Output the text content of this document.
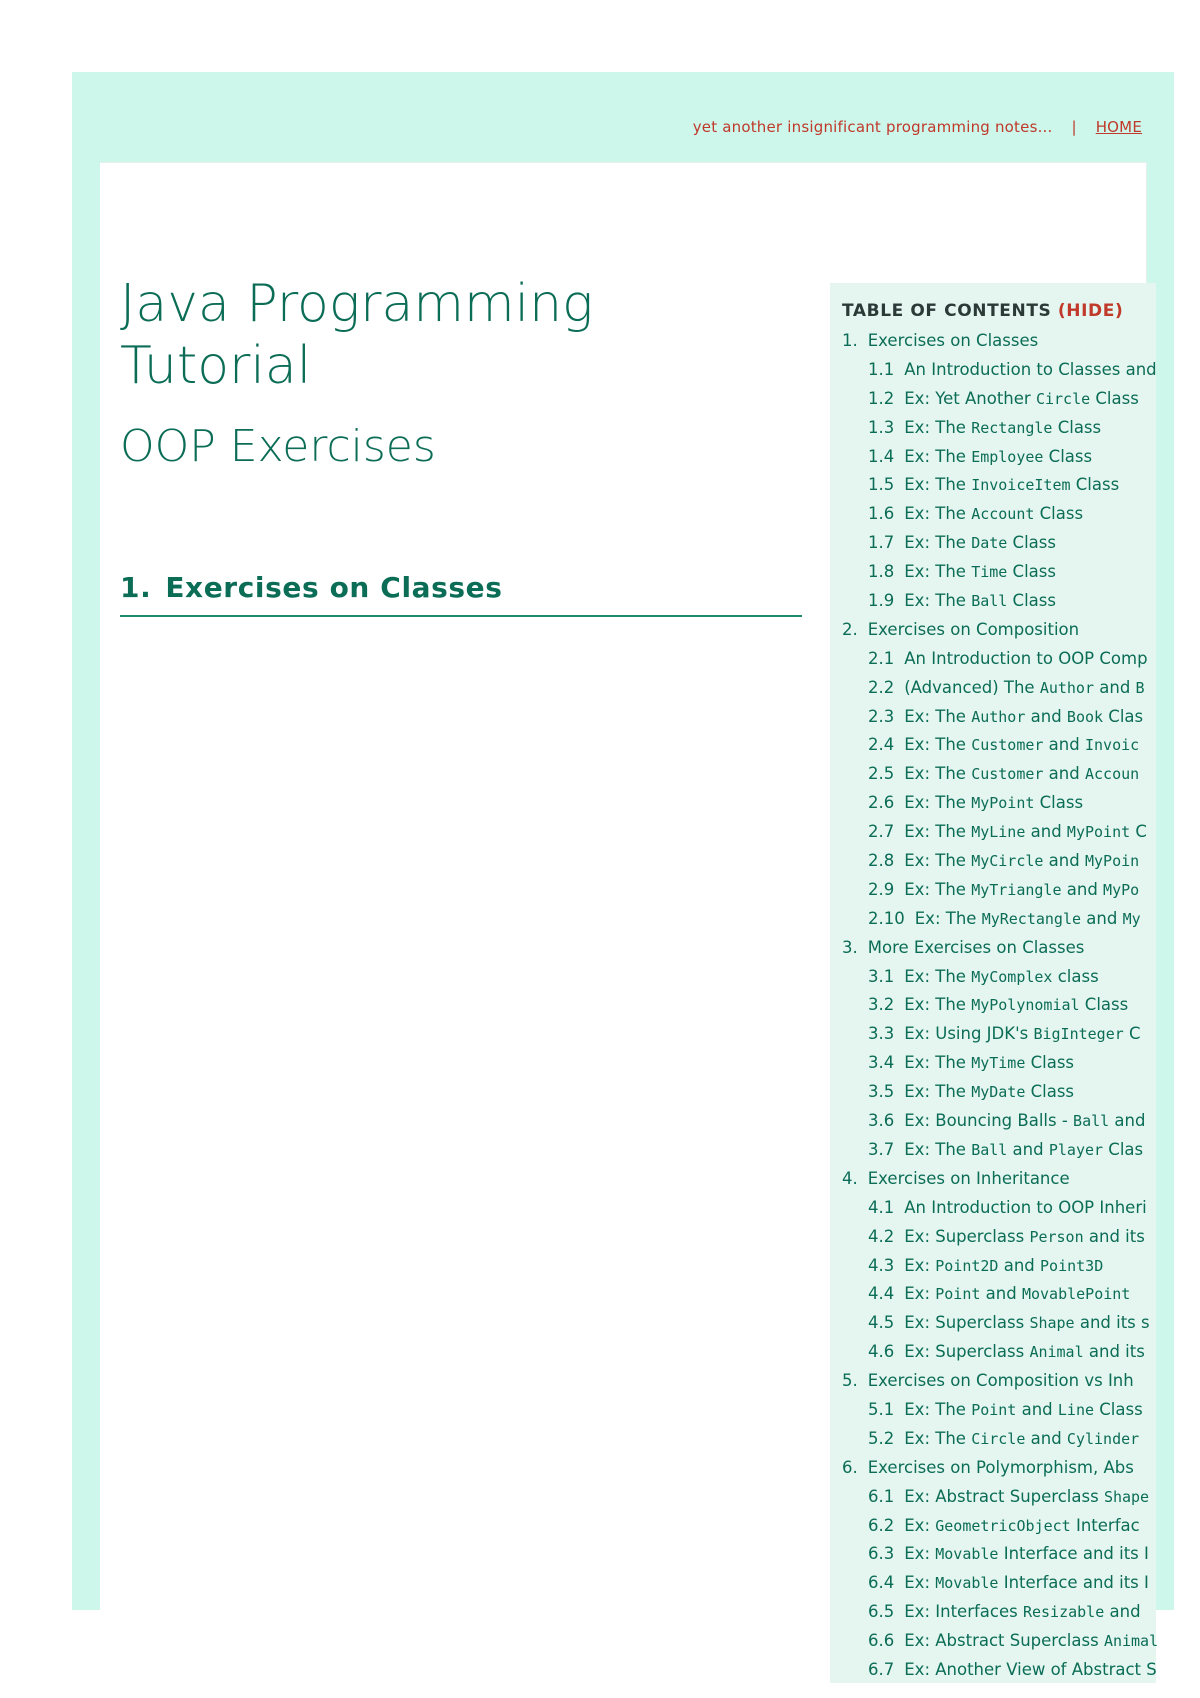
yet another insignificant programming notes... | HOME
Java Programming Tutorial
OOP Exercises
1. Exercises on Classes
TABLE OF CONTENTS (HIDE)
1. Exercises on Classes
1.1 An Introduction to Classes and
1.2 Ex: Yet Another Circle Class
1.3 Ex: The Rectangle Class
1.4 Ex: The Employee Class
1.5 Ex: The InvoiceItem Class
1.6 Ex: The Account Class
1.7 Ex: The Date Class
1.8 Ex: The Time Class
1.9 Ex: The Ball Class
2. Exercises on Composition
2.1 An Introduction to OOP Comp
2.2 (Advanced) The Author and B
2.3 Ex: The Author and Book Clas
2.4 Ex: The Customer and Invoic
2.5 Ex: The Customer and Accoun
2.6 Ex: The MyPoint Class
2.7 Ex: The MyLine and MyPoint C
2.8 Ex: The MyCircle and MyPoin
2.9 Ex: The MyTriangle and MyPo
2.10 Ex: The MyRectangle and My
3. More Exercises on Classes
3.1 Ex: The MyComplex class
3.2 Ex: The MyPolynomial Class
3.3 Ex: Using JDK's BigInteger C
3.4 Ex: The MyTime Class
3.5 Ex: The MyDate Class
3.6 Ex: Bouncing Balls - Ball and
3.7 Ex: The Ball and Player Clas
4. Exercises on Inheritance
4.1 An Introduction to OOP Inheri
4.2 Ex: Superclass Person and its
4.3 Ex: Point2D and Point3D
4.4 Ex: Point and MovablePoint
4.5 Ex: Superclass Shape and its s
4.6 Ex: Superclass Animal and its
5. Exercises on Composition vs Inh
5.1 Ex: The Point and Line Class
5.2 Ex: The Circle and Cylinder
6. Exercises on Polymorphism, Abs
6.1 Ex: Abstract Superclass Shape
6.2 Ex: GeometricObject Interfac
6.3 Ex: Movable Interface and its I
6.4 Ex: Movable Interface and its I
6.5 Ex: Interfaces Resizable and
6.6 Ex: Abstract Superclass Animal
6.7 Ex: Another View of Abstract S
